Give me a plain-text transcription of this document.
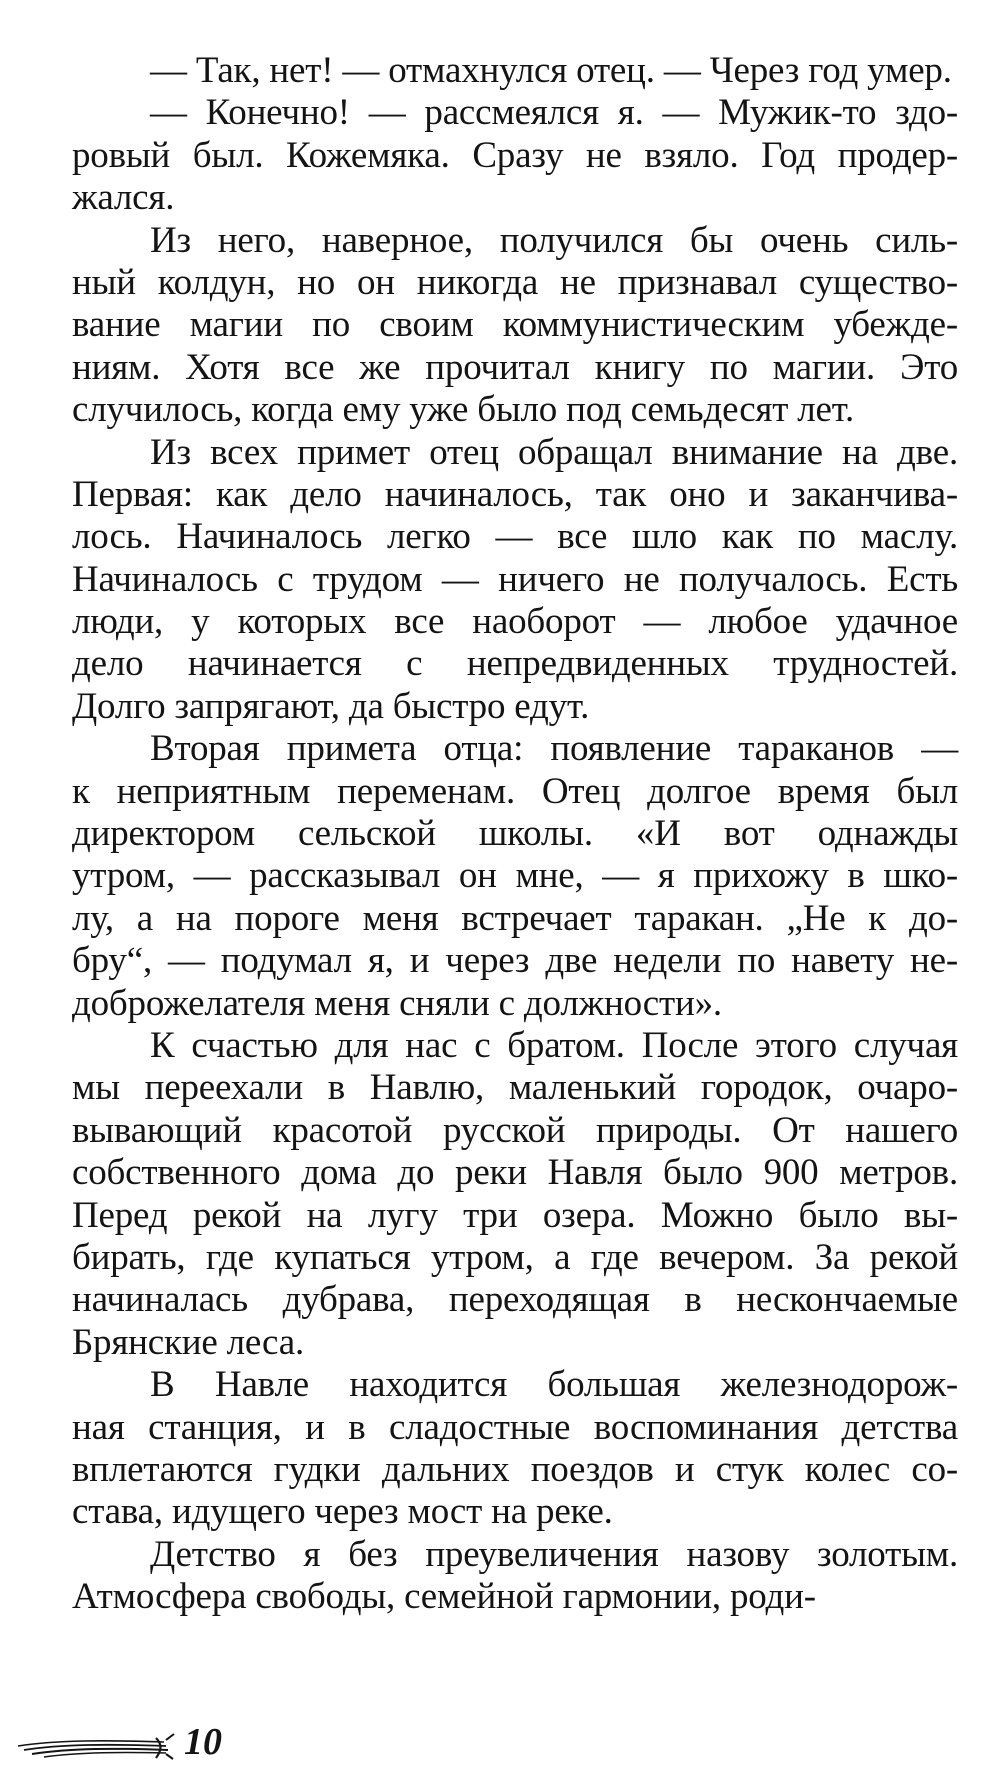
— Так, нет! — отмахнулся отец. — Через год умер.
— Конечно! — рассмеялся я. — Мужик-то здо-
ровый был. Кожемяка. Сразу не взяло. Год продер-
жался.
Из него, наверное, получился бы очень силь-
ный колдун, но он никогда не признавал существо-
вание магии по своим коммунистическим убежде-
ниям. Хотя все же прочитал книгу по магии. Это
случилось, когда ему уже было под семьдесят лет.
Из всех примет отец обращал внимание на две.
Первая: как дело начиналось, так оно и заканчива-
лось. Начиналось легко — все шло как по маслу.
Начиналось с трудом — ничего не получалось. Есть
люди, у которых все наоборот — любое удачное
дело начинается с непредвиденных трудностей.
Долго запрягают, да быстро едут.
Вторая примета отца: появление тараканов —
к неприятным переменам. Отец долгое время был
директором сельской школы. «И вот однажды
утром, — рассказывал он мне, — я прихожу в шко-
лу, а на пороге меня встречает таракан. „Не к до-
бру“, — подумал я, и через две недели по навету не-
доброжелателя меня сняли с должности».
К счастью для нас с братом. После этого случая
мы переехали в Навлю, маленький городок, очаро-
вывающий красотой русской природы. От нашего
собственного дома до реки Навля было 900 метров.
Перед рекой на лугу три озера. Можно было вы-
бирать, где купаться утром, а где вечером. За рекой
начиналась дубрава, переходящая в нескончаемые
Брянские леса.
В Навле находится большая железнодорож-
ная станция, и в сладостные воспоминания детства
вплетаются гудки дальних поездов и стук колес со-
става, идущего через мост на реке.
Детство я без преувеличения назову золотым.
Атмосфера свободы, семейной гармонии, роди-
10
